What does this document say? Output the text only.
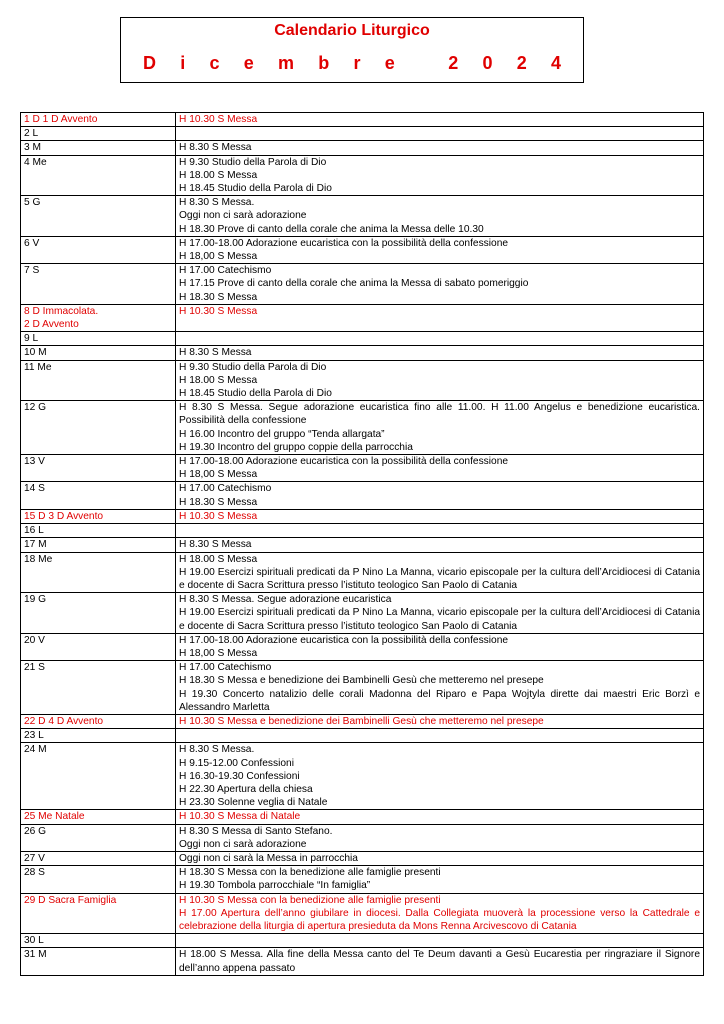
Calendario Liturgico
D i c e m b r e
	2 0 2 4
1 D 1 D Avvento	H 10.30 S Messa

2 L	
3 M	H 8.30 S Messa

4 Me	H 9.30 Studio della Parola di Dio
H 18.00 S Messa
H 18.45 Studio della Parola di Dio

5 G	H 8.30 S Messa.
Oggi non ci sarà adorazione
H 18.30 Prove di canto della corale che anima la Messa delle 10.30

6 V	H 17.00-18.00 Adorazione eucaristica con la possibilità della confessione
H 18,00 S Messa

7 S	H 17.00 Catechismo
H 17.15 Prove di canto della corale che anima la Messa di sabato pomeriggio
H 18.30 S Messa

8 D Immacolata.
2 D Avvento	H 10.30 S Messa

9 L	
10 M	H 8.30 S Messa

11 Me	H 9.30 Studio della Parola di Dio
H 18.00 S Messa
H 18.45 Studio della Parola di Dio

12 G	H 8.30 S Messa. Segue adorazione eucaristica fino alle 11.00. H 11.00 Angelus e benedizione eucaristica. Possibilità della confessione
H 16.00 Incontro del gruppo “Tenda allargata”
H 19.30 Incontro del gruppo coppie della parrocchia

13 V	H 17.00-18.00 Adorazione eucaristica con la possibilità della confessione
H 18,00 S Messa

14 S	H 17.00 Catechismo
H 18.30 S Messa

15 D 3 D Avvento	H 10.30 S Messa

16 L	
17 M	H 8.30 S Messa

18 Me	H 18.00 S Messa
H 19.00 Esercizi spirituali predicati da P Nino La Manna, vicario episcopale per la cultura dell’Arcidiocesi di Catania e docente di Sacra Scrittura presso l’istituto teologico San Paolo di Catania

19 G	H 8.30 S Messa. Segue adorazione eucaristica
H 19.00 Esercizi spirituali predicati da P Nino La Manna, vicario episcopale per la cultura dell’Arcidiocesi di Catania e docente di Sacra Scrittura presso l’istituto teologico San Paolo di Catania

20 V	H 17.00-18.00 Adorazione eucaristica con la possibilità della confessione
H 18,00 S Messa

21 S	H 17.00 Catechismo
H 18.30 S Messa e benedizione dei Bambinelli Gesù che metteremo nel presepe
H 19.30 Concerto natalizio delle corali Madonna del Riparo e Papa Wojtyla dirette dai maestri Eric Borzì e Alessandro Marletta

22 D 4 D Avvento	H 10.30 S Messa e benedizione dei Bambinelli Gesù che metteremo nel presepe

23 L	
24 M	H 8.30 S Messa.
H 9.15-12.00 Confessioni
H 16.30-19.30 Confessioni
H 22.30 Apertura della chiesa
H 23.30 Solenne veglia di Natale

25 Me Natale	H 10.30 S Messa di Natale

26 G	H 8.30 S Messa di Santo Stefano.
Oggi non ci sarà adorazione

27 V	Oggi non ci sarà la Messa in parrocchia

28 S	H 18.30 S Messa con la benedizione alle famiglie presenti
H 19.30 Tombola parrocchiale “In famiglia”

29 D Sacra Famiglia	H 10.30 S Messa con la benedizione alle famiglie presenti
H 17.00 Apertura dell’anno giubilare in diocesi. Dalla Collegiata muoverà la processione verso la Cattedrale e celebrazione della liturgia di apertura presieduta da Mons Renna Arcivescovo di Catania

30 L	
31 M	H 18.00 S Messa. Alla fine della Messa canto del Te Deum davanti a Gesù Eucarestia per ringraziare il Signore dell’anno appena passato
